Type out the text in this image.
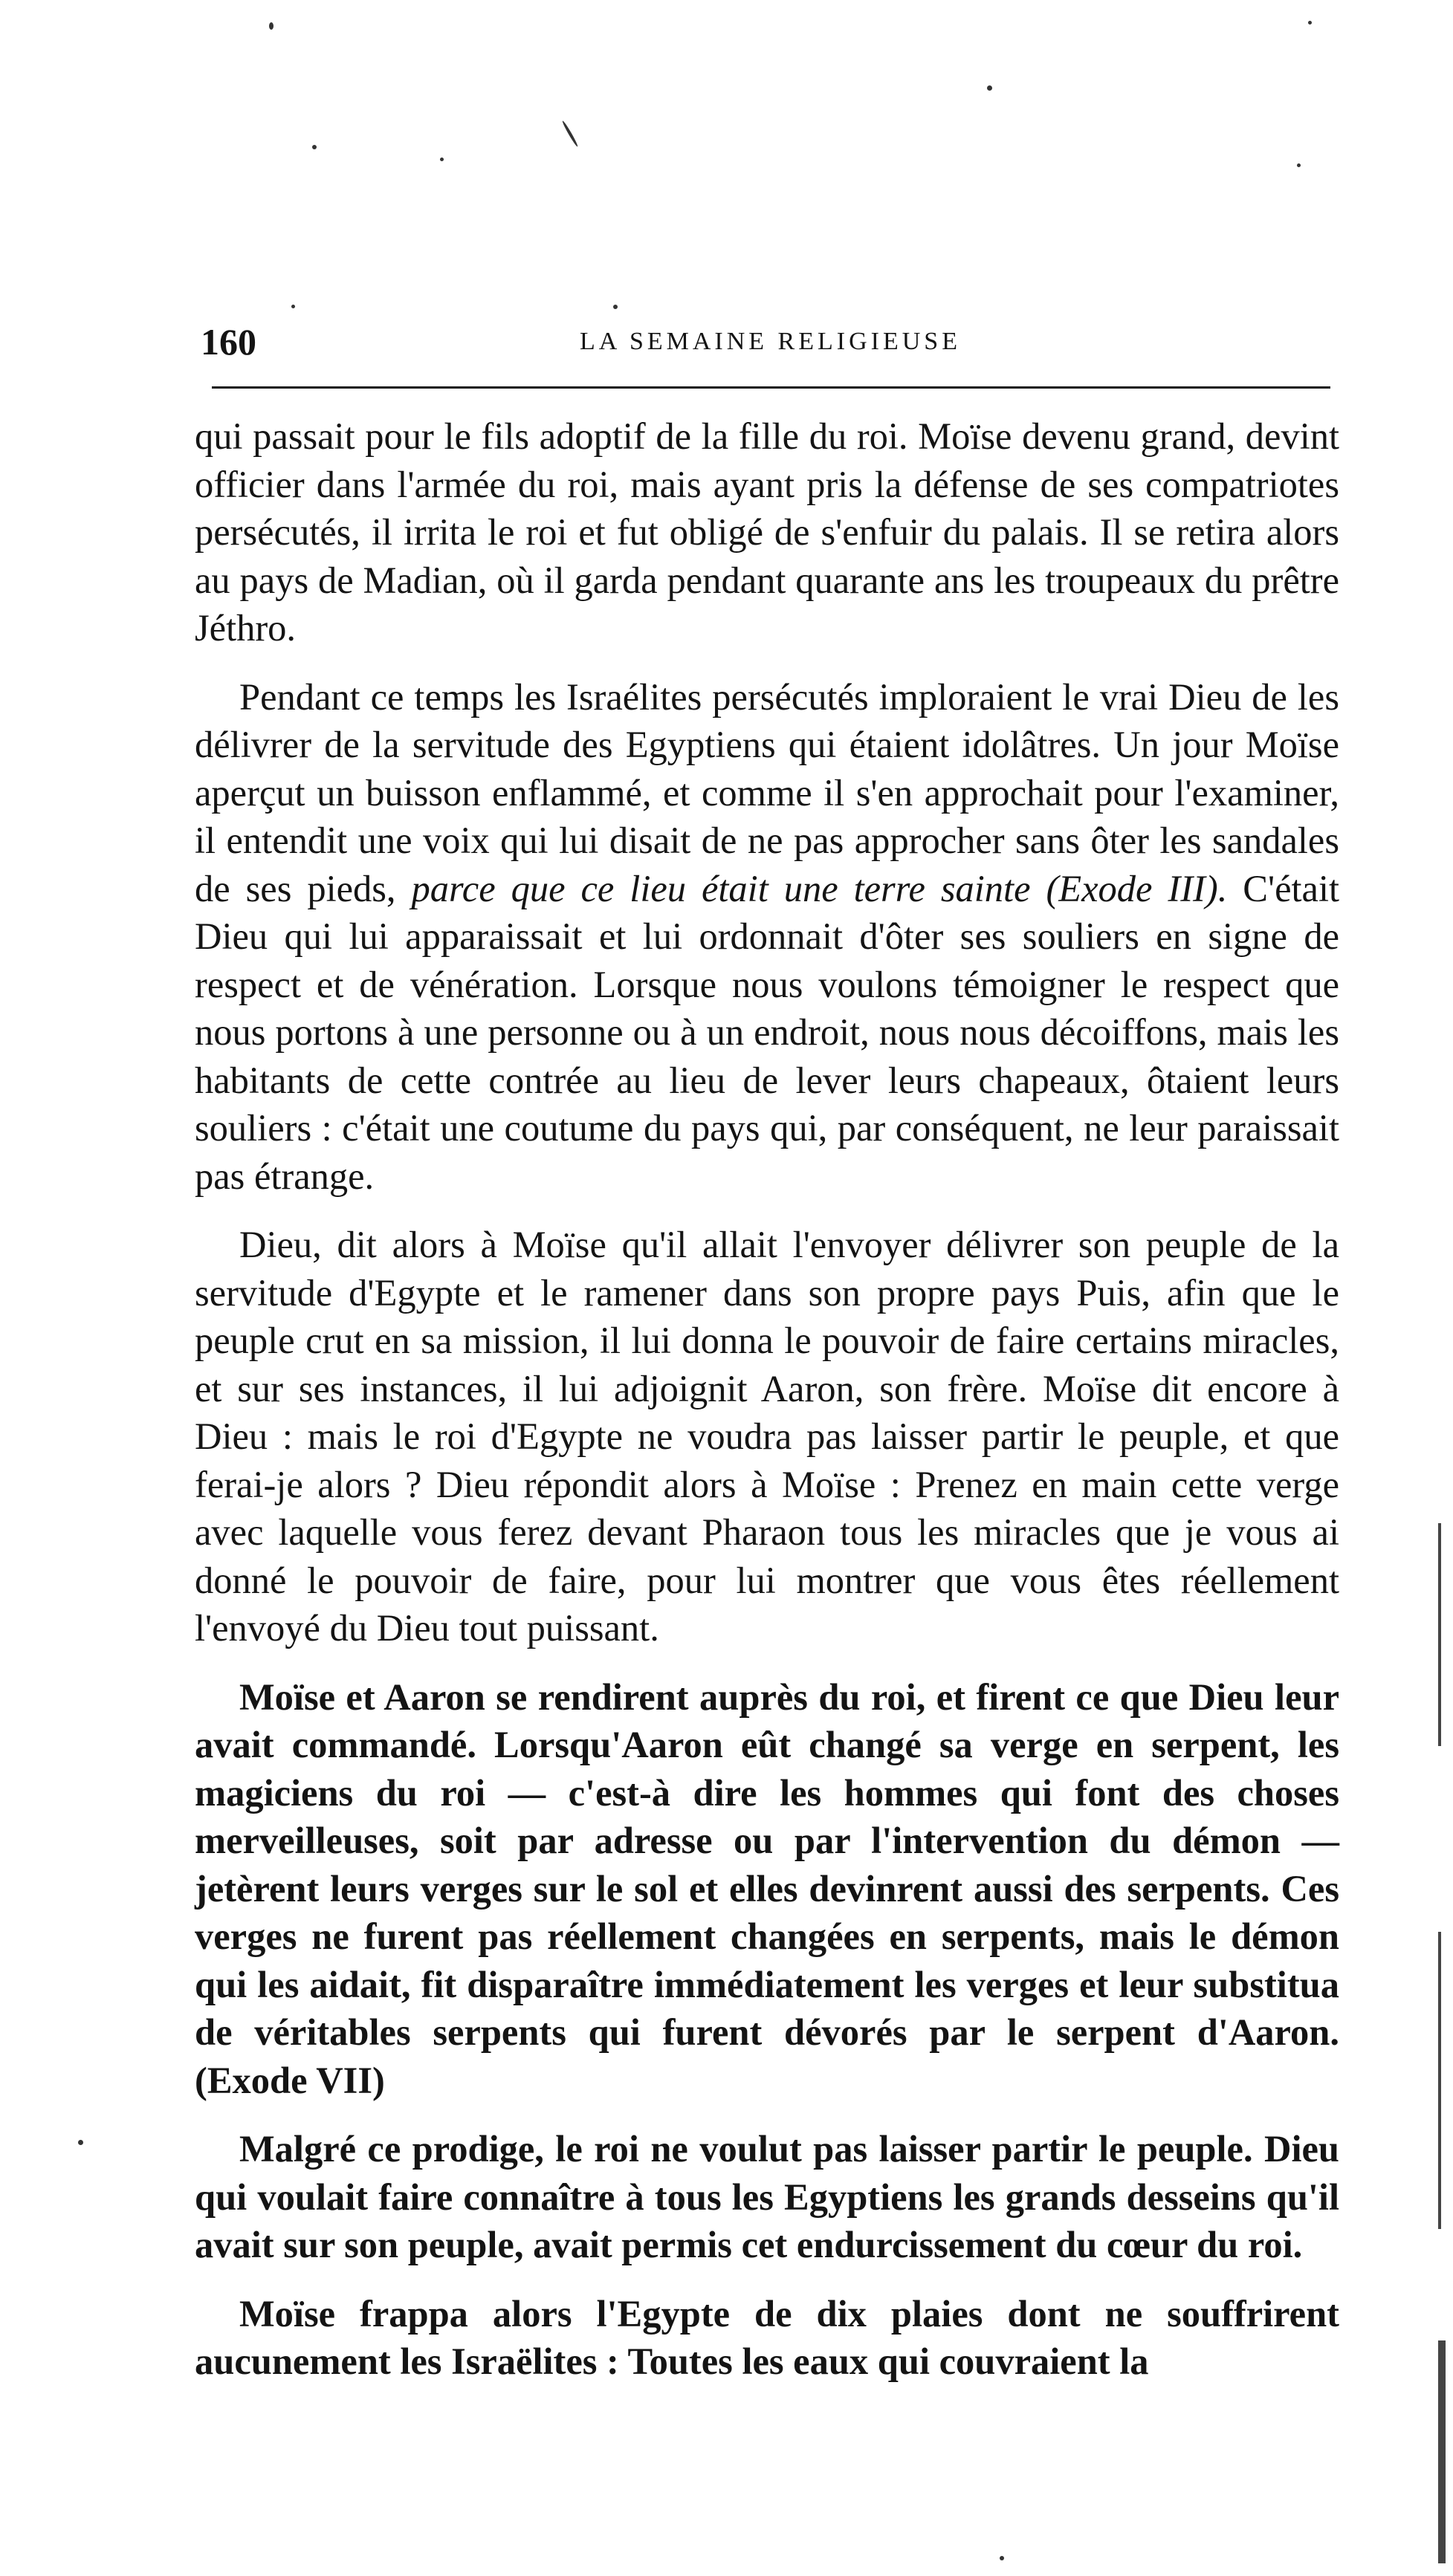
160	LA SEMAINE RELIGIEUSE

qui passait pour le fils adoptif de la fille du roi. Moïse devenu grand, devint officier dans l'armée du roi, mais ayant pris la défense de ses compatriotes persécutés, il irrita le roi et fut obligé de s'enfuir du palais. Il se retira alors au pays de Madian, où il garda pendant quarante ans les troupeaux du prêtre Jéthro.

Pendant ce temps les Israélites persécutés imploraient le vrai Dieu de les délivrer de la servitude des Egyptiens qui étaient idolâtres. Un jour Moïse aperçut un buisson enflammé, et comme il s'en approchait pour l'examiner, il entendit une voix qui lui disait de ne pas approcher sans ôter les sandales de ses pieds, parce que ce lieu était une terre sainte (Exode III). C'était Dieu qui lui apparaissait et lui ordonnait d'ôter ses souliers en signe de respect et de vénération. Lorsque nous voulons témoigner le respect que nous portons à une personne ou à un endroit, nous nous décoiffons, mais les habitants de cette contrée au lieu de lever leurs chapeaux, ôtaient leurs souliers : c'était une coutume du pays qui, par conséquent, ne leur paraissait pas étrange.

Dieu, dit alors à Moïse qu'il allait l'envoyer délivrer son peuple de la servitude d'Egypte et le ramener dans son propre pays Puis, afin que le peuple crut en sa mission, il lui donna le pouvoir de faire certains miracles, et sur ses instances, il lui adjoignit Aaron, son frère. Moïse dit encore à Dieu : mais le roi d'Egypte ne voudra pas laisser partir le peuple, et que ferai-je alors ? Dieu répondit alors à Moïse : Prenez en main cette verge avec laquelle vous ferez devant Pharaon tous les miracles que je vous ai donné le pouvoir de faire, pour lui montrer que vous êtes réellement l'envoyé du Dieu tout puissant.

Moïse et Aaron se rendirent auprès du roi, et firent ce que Dieu leur avait commandé. Lorsqu'Aaron eût changé sa verge en serpent, les magiciens du roi — c'est-à dire les hommes qui font des choses merveilleuses, soit par adresse ou par l'intervention du démon — jetèrent leurs verges sur le sol et elles devinrent aussi des serpents. Ces verges ne furent pas réellement changées en serpents, mais le démon qui les aidait, fit disparaître immédiatement les verges et leur substitua de véritables serpents qui furent dévorés par le serpent d'Aaron. (Exode VII)

Malgré ce prodige, le roi ne voulut pas laisser partir le peuple. Dieu qui voulait faire connaître à tous les Egyptiens les grands desseins qu'il avait sur son peuple, avait permis cet endurcissement du cœur du roi.

Moïse frappa alors l'Egypte de dix plaies dont ne souffrirent aucunement les Israëlites : Toutes les eaux qui couvraient la
